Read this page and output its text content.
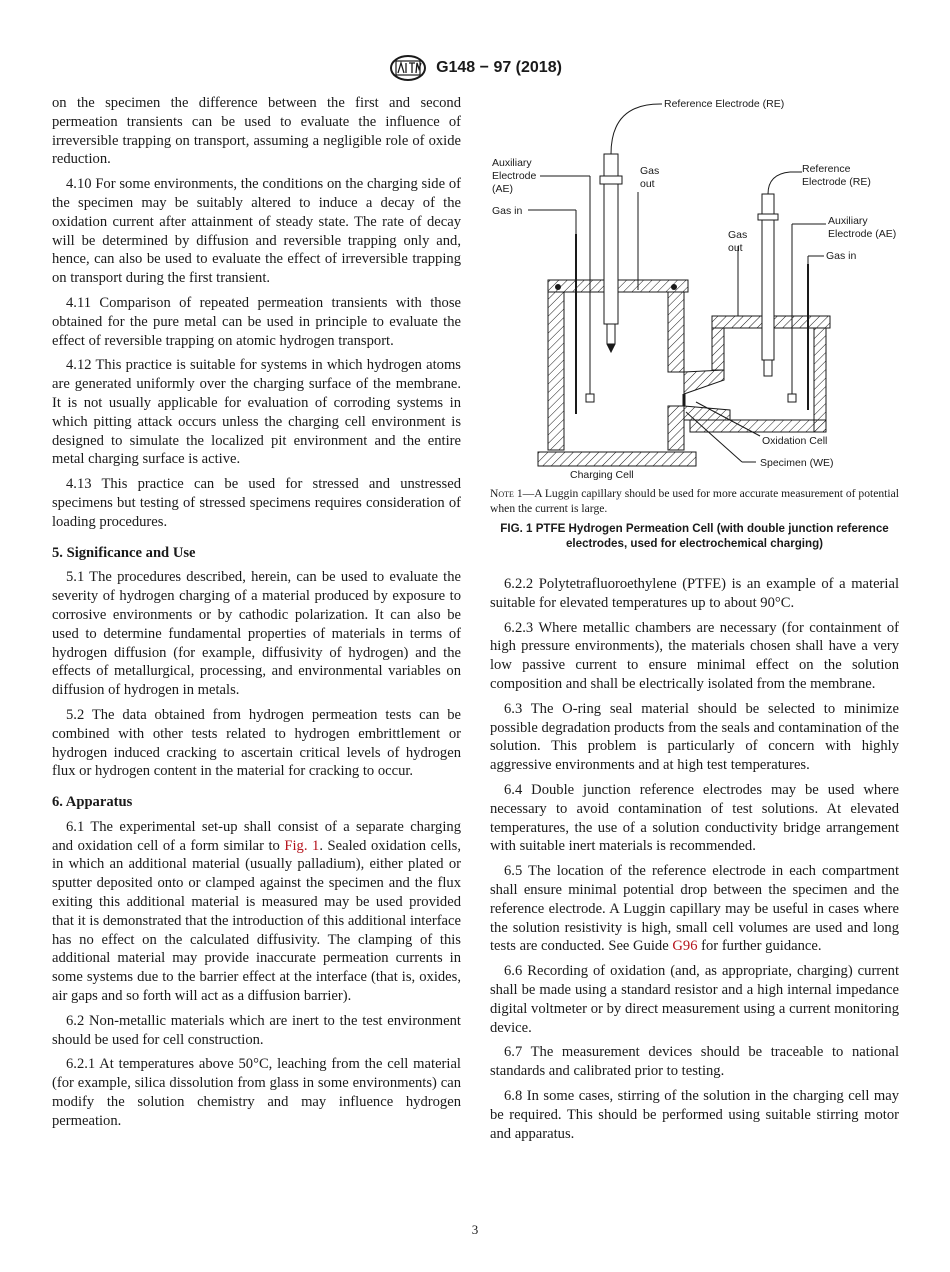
G148 − 97 (2018)

on the specimen the difference between the first and second permeation transients can be used to evaluate the influence of irreversible trapping on transport, assuming a negligible role of oxide reduction.

4.10 For some environments, the conditions on the charging side of the specimen may be suitably altered to induce a decay of the oxidation current after attainment of steady state. The rate of decay will be determined by diffusion and reversible trapping only and, hence, can also be used to evaluate the effect of irreversible trapping on transport during the first transient.

4.11 Comparison of repeated permeation transients with those obtained for the pure metal can be used in principle to evaluate the effect of reversible trapping on atomic hydrogen transport.

4.12 This practice is suitable for systems in which hydrogen atoms are generated uniformly over the charging surface of the membrane. It is not usually applicable for evaluation of corroding systems in which pitting attack occurs unless the charging cell environment is designed to simulate the localized pit environment and the entire metal charging surface is active.

4.13 This practice can be used for stressed and unstressed specimens but testing of stressed specimens requires consideration of loading procedures.

5. Significance and Use

5.1 The procedures described, herein, can be used to evaluate the severity of hydrogen charging of a material produced by exposure to corrosive environments or by cathodic polarization. It can also be used to determine fundamental properties of materials in terms of hydrogen diffusion (for example, diffusivity of hydrogen) and the effects of metallurgical, processing, and environmental variables on diffusion of hydrogen in metals.

5.2 The data obtained from hydrogen permeation tests can be combined with other tests related to hydrogen embrittlement or hydrogen induced cracking to ascertain critical levels of hydrogen flux or hydrogen content in the material for cracking to occur.

6. Apparatus

6.1 The experimental set-up shall consist of a separate charging and oxidation cell of a form similar to Fig. 1. Sealed oxidation cells, in which an additional material (usually palladium), either plated or sputter deposited onto or clamped against the specimen and the flux exiting this additional material is measured may be used provided that it is demonstrated that the introduction of this additional interface has no effect on the calculated diffusivity. The clamping of this additional material may provide inaccurate permeation currents in some systems due to the barrier effect at the interface (that is, oxides, air gaps and so forth will act as a diffusion barrier).

6.2 Non-metallic materials which are inert to the test environment should be used for cell construction.

6.2.1 At temperatures above 50°C, leaching from the cell material (for example, silica dissolution from glass in some environments) can modify the solution chemistry and may influence hydrogen permeation.

Reference Electrode (RE)
Auxiliary
Electrode
(AE)
Gas in
Gas
out
Reference
Electrode (RE)
Gas
out
Auxiliary
Electrode (AE)
Gas in
Oxidation Cell
Specimen (WE)
Charging Cell
Note 1—A Luggin capillary should be used for more accurate measurement of potential when the current is large.
FIG. 1 PTFE Hydrogen Permeation Cell (with double junction reference electrodes, used for electrochemical charging)

6.2.2 Polytetrafluoroethylene (PTFE) is an example of a material suitable for elevated temperatures up to about 90°C.

6.2.3 Where metallic chambers are necessary (for containment of high pressure environments), the materials chosen shall have a very low passive current to ensure minimal effect on the solution composition and shall be electrically isolated from the membrane.

6.3 The O-ring seal material should be selected to minimize possible degradation products from the seals and contamination of the solution. This problem is particularly of concern with highly aggressive environments and at high test temperatures.

6.4 Double junction reference electrodes may be used where necessary to avoid contamination of test solutions. At elevated temperatures, the use of a solution conductivity bridge arrangement with suitable inert materials is recommended.

6.5 The location of the reference electrode in each compartment shall ensure minimal potential drop between the specimen and the reference electrode. A Luggin capillary may be useful in cases where the solution resistivity is high, small cell volumes are used and long tests are conducted. See Guide G96 for further guidance.

6.6 Recording of oxidation (and, as appropriate, charging) current shall be made using a standard resistor and a high internal impedance digital voltmeter or by direct measurement using a current monitoring device.

6.7 The measurement devices should be traceable to national standards and calibrated prior to testing.

6.8 In some cases, stirring of the solution in the charging cell may be required. This should be performed using suitable stirring motor and apparatus.

3
